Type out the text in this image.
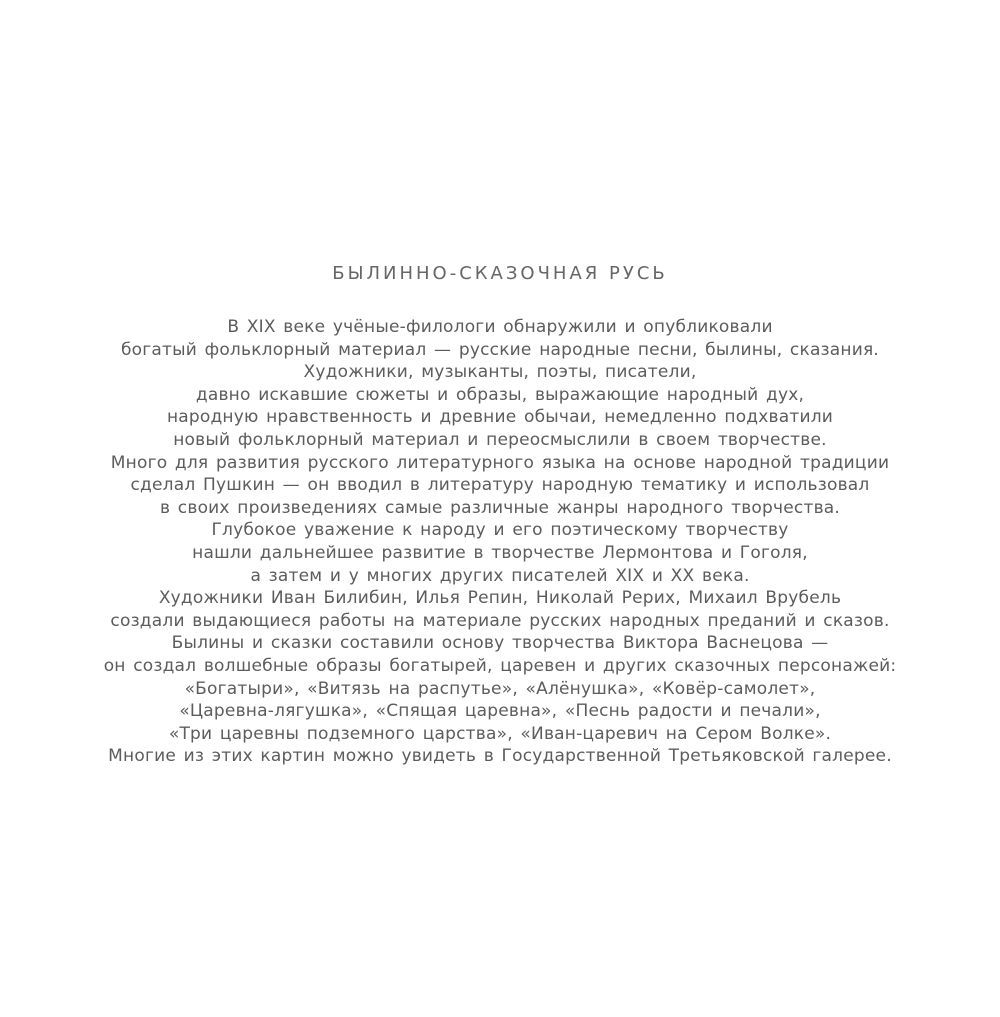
БЫЛИННО-СКАЗОЧНАЯ РУСЬ
В XIX веке учёные-филологи обнаружили и опубликовали
богатый фольклорный материал — русские народные песни, былины, сказания.
Художники, музыканты, поэты, писатели,
давно искавшие сюжеты и образы, выражающие народный дух,
народную нравственность и древние обычаи, немедленно подхватили
новый фольклорный материал и переосмыслили в своем творчестве.
Много для развития русского литературного языка на основе народной традиции
сделал Пушкин — он вводил в литературу народную тематику и использовал
в своих произведениях самые различные жанры народного творчества.
Глубокое уважение к народу и его поэтическому творчеству
нашли дальнейшее развитие в творчестве Лермонтова и Гоголя,
а затем и у многих других писателей XIX и XX века.
Художники Иван Билибин, Илья Репин, Николай Рерих, Михаил Врубель
создали выдающиеся работы на материале русских народных преданий и сказов.
Былины и сказки составили основу творчества Виктора Васнецова —
он создал волшебные образы богатырей, царевен и других сказочных персонажей:
«Богатыри», «Витязь на распутье», «Алёнушка», «Ковёр-самолет»,
«Царевна-лягушка», «Спящая царевна», «Песнь радости и печали»,
«Три царевны подземного царства», «Иван-царевич на Сером Волке».
Многие из этих картин можно увидеть в Государственной Третьяковской галерее.
